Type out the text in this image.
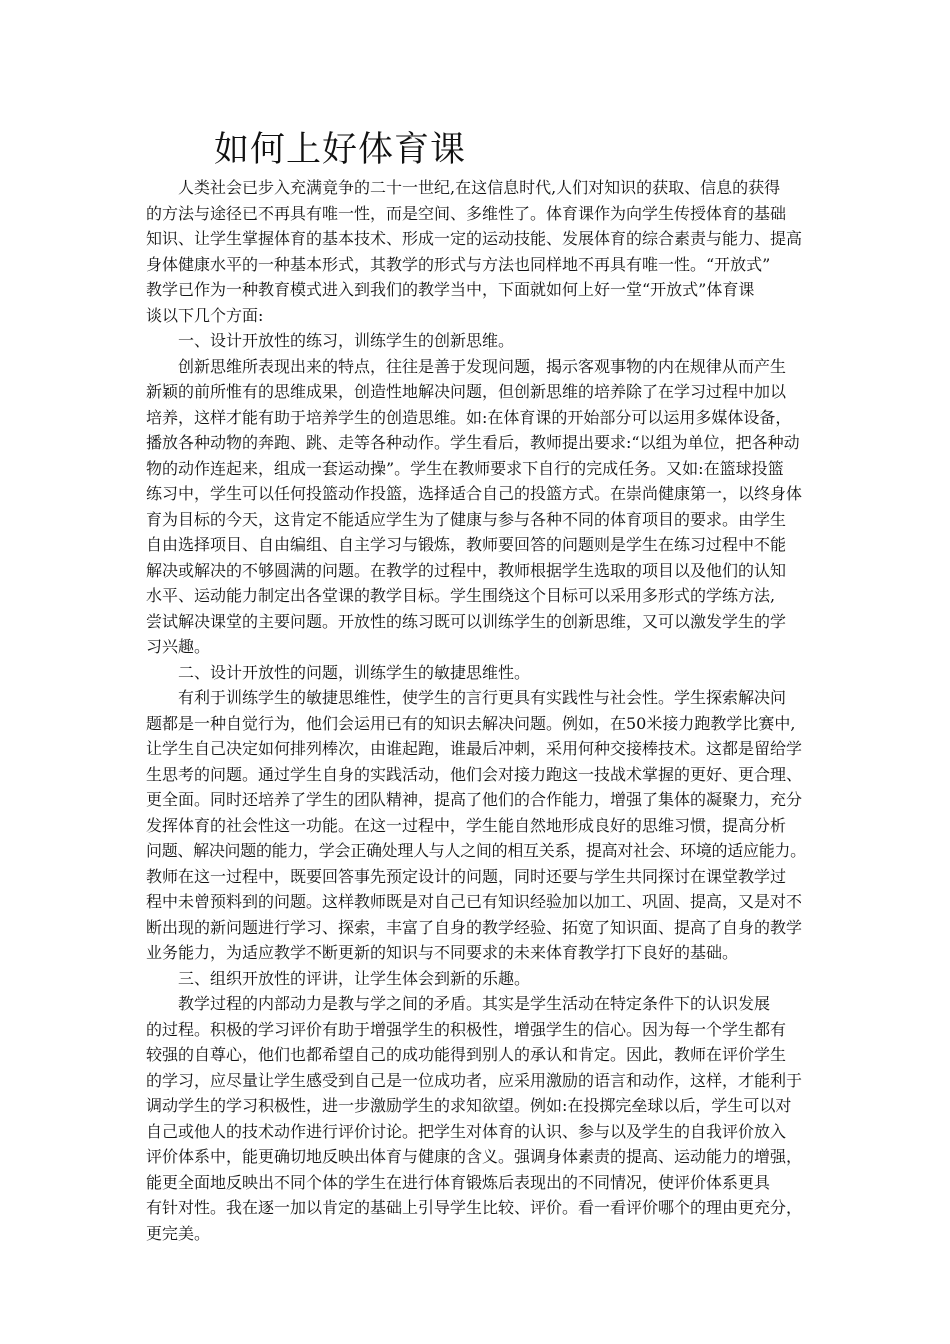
如何上好体育课
人类社会已步入充满竟争的二十一世纪,在这信息时代,人们对知识的获取、信息的获得
的方法与途径已不再具有唯一性，而是空间、多维性了。体育课作为向学生传授体育的基础
知识、让学生掌握体育的基本技术、形成一定的运动技能、发展体育的综合素责与能力、提高
身体健康水平的一种基本形式，其教学的形式与方法也同样地不再具有唯一性。“开放式”
教学已作为一种教育模式进入到我们的教学当中，下面就如何上好一堂“开放式”体育课
谈以下几个方面:
一、设计开放性的练习，训练学生的创新思维。
创新思维所表现出来的特点，往往是善于发现问题，揭示客观事物的内在规律从而产生
新颖的前所惟有的思维成果，创造性地解决问题，但创新思维的培养除了在学习过程中加以
培养，这样才能有助于培养学生的创造思维。如:在体育课的开始部分可以运用多媒体设备，
播放各种动物的奔跑、跳、走等各种动作。学生看后，教师提出要求:“以组为单位，把各种动
物的动作连起来，组成一套运动操”。学生在教师要求下自行的完成任务。又如:在篮球投篮
练习中，学生可以任何投篮动作投篮，选择适合自己的投篮方式。在崇尚健康第一，以终身体
育为目标的今天，这肯定不能适应学生为了健康与参与各种不同的体育项目的要求。由学生
自由选择项目、自由编组、自主学习与锻炼，教师要回答的问题则是学生在练习过程中不能
解决或解决的不够圆满的问题。在教学的过程中，教师根据学生选取的项目以及他们的认知
水平、运动能力制定出各堂课的教学目标。学生围绕这个目标可以采用多形式的学练方法,
尝试解决课堂的主要问题。开放性的练习既可以训练学生的创新思维，又可以激发学生的学
习兴趣。
二、设计开放性的问题，训练学生的敏捷思维性。
有利于训练学生的敏捷思维性，使学生的言行更具有实践性与社会性。学生探索解决问
题都是一种自觉行为，他们会运用已有的知识去解决问题。例如，在50米接力跑教学比赛中,
让学生自己决定如何排列棒次，由谁起跑，谁最后冲刺，采用何种交接棒技术。这都是留给学
生思考的问题。通过学生自身的实践活动，他们会对接力跑这一技战术掌握的更好、更合理、
更全面。同时还培养了学生的团队精神，提高了他们的合作能力，增强了集体的凝聚力，充分
发挥体育的社会性这一功能。在这一过程中，学生能自然地形成良好的思维习惯，提高分析
问题、解决问题的能力，学会正确处理人与人之间的相互关系，提高对社会、环境的适应能力。
教师在这一过程中，既要回答事先预定设计的问题，同时还要与学生共同探讨在课堂教学过
程中未曾预料到的问题。这样教师既是对自己已有知识经验加以加工、巩固、提高，又是对不
断出现的新问题进行学习、探索，丰富了自身的教学经验、拓宽了知识面、提高了自身的教学
业务能力，为适应教学不断更新的知识与不同要求的未来体育教学打下良好的基础。
三、组织开放性的评讲，让学生体会到新的乐趣。
教学过程的内部动力是教与学之间的矛盾。其实是学生活动在特定条件下的认识发展
的过程。积极的学习评价有助于增强学生的积极性，增强学生的信心。因为每一个学生都有
较强的自尊心，他们也都希望自己的成功能得到别人的承认和肯定。因此，教师在评价学生
的学习，应尽量让学生感受到自己是一位成功者，应采用激励的语言和动作，这样，才能利于
调动学生的学习积极性，进一步激励学生的求知欲望。例如:在投掷完垒球以后，学生可以对
自己或他人的技术动作进行评价讨论。把学生对体育的认识、参与以及学生的自我评价放入
评价体系中，能更确切地反映出体育与健康的含义。强调身体素责的提高、运动能力的增强，
能更全面地反映出不同个体的学生在进行体育锻炼后表现出的不同情况，使评价体系更具
有针对性。我在逐一加以肯定的基础上引导学生比较、评价。看一看评价哪个的理由更充分，
更完美。
